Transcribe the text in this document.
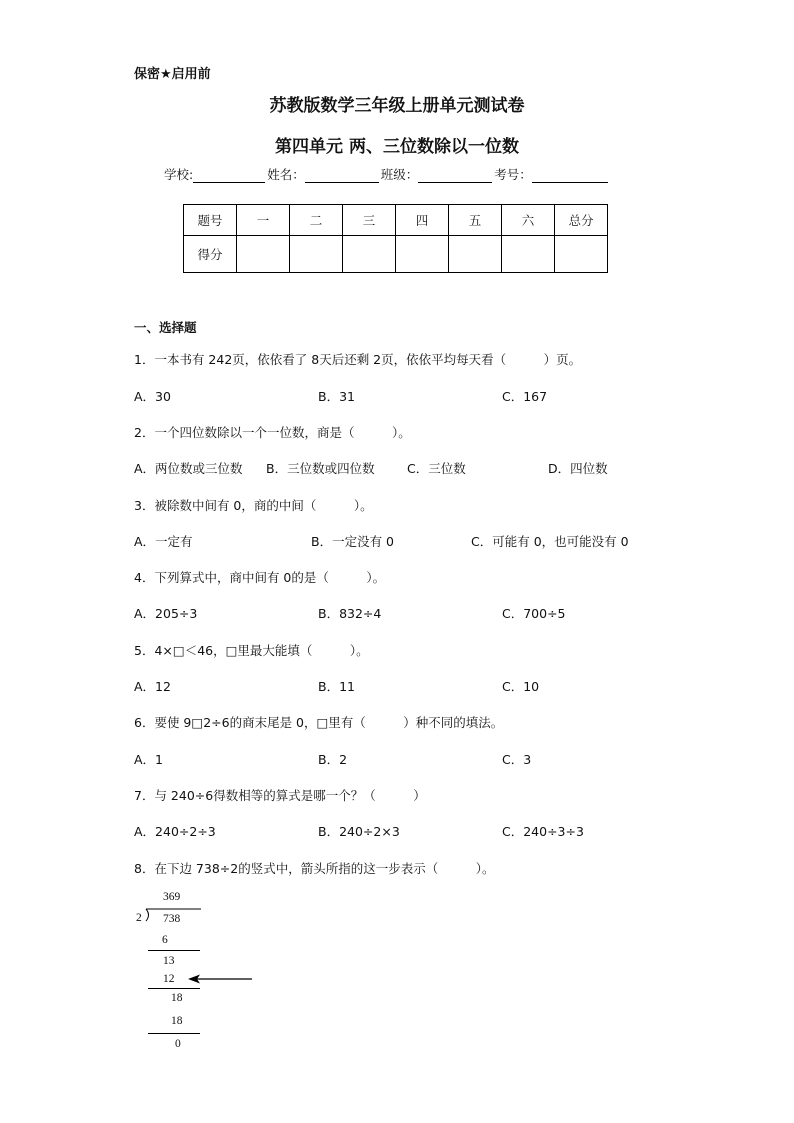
保密★启用前
苏教版数学三年级上册单元测试卷
第四单元 两、三位数除以一位数
学校:	姓名：	班级：	考号：
题号	一	二	三	四	五	六	总分
得分							
一、选择题
1．一本书有 242页，依依看了 8天后还剩 2页，依依平均每天看（　　　）页。
A．30	B．31	C．167
2．一个四位数除以一个一位数，商是（　　　）。
A．两位数或三位数 B．三位数或四位数	C．三位数	D．四位数
3．被除数中间有 0，商的中间（　　　）。
A．一定有	B．一定没有 0	C．可能有 0，也可能没有 0
4．下列算式中，商中间有 0的是（　　　）。
A．205÷3	B．832÷4	C．700÷5
5．4×□＜46，□里最大能填（　　　）。
A．12	B．11	C．10
6．要使 9□2÷6的商末尾是 0，□里有（　　　）种不同的填法。
A．1	B．2	C．3
7．与 240÷6得数相等的算式是哪一个？（　　　）
A．240÷2÷3	B．240÷2×3	C．240÷3÷3
8．在下边 738÷2的竖式中，箭头所指的这一步表示（　　　）。
369
2 738
6
13
12
18
18
0
